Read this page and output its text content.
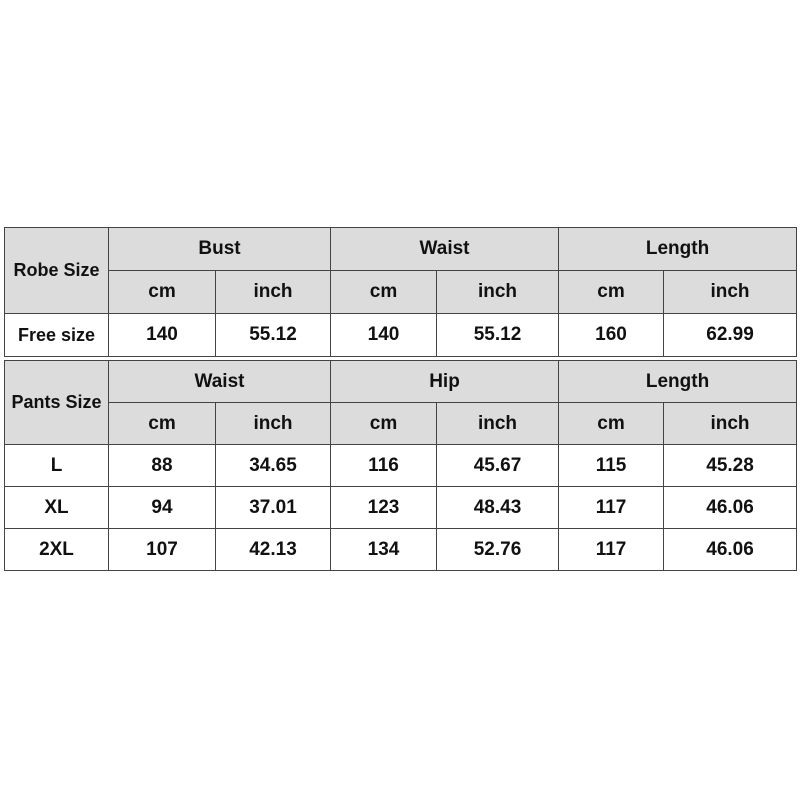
Robe Size	Bust		Waist		Length	
	cm	inch	cm	inch	cm	inch
Free size	140	55.12	140	55.12	160	62.99
Pants Size	Waist		Hip		Length	
	cm	inch	cm	inch	cm	inch
L	88	34.65	116	45.67	115	45.28
XL	94	37.01	123	48.43	117	46.06
2XL	107	42.13	134	52.76	117	46.06
